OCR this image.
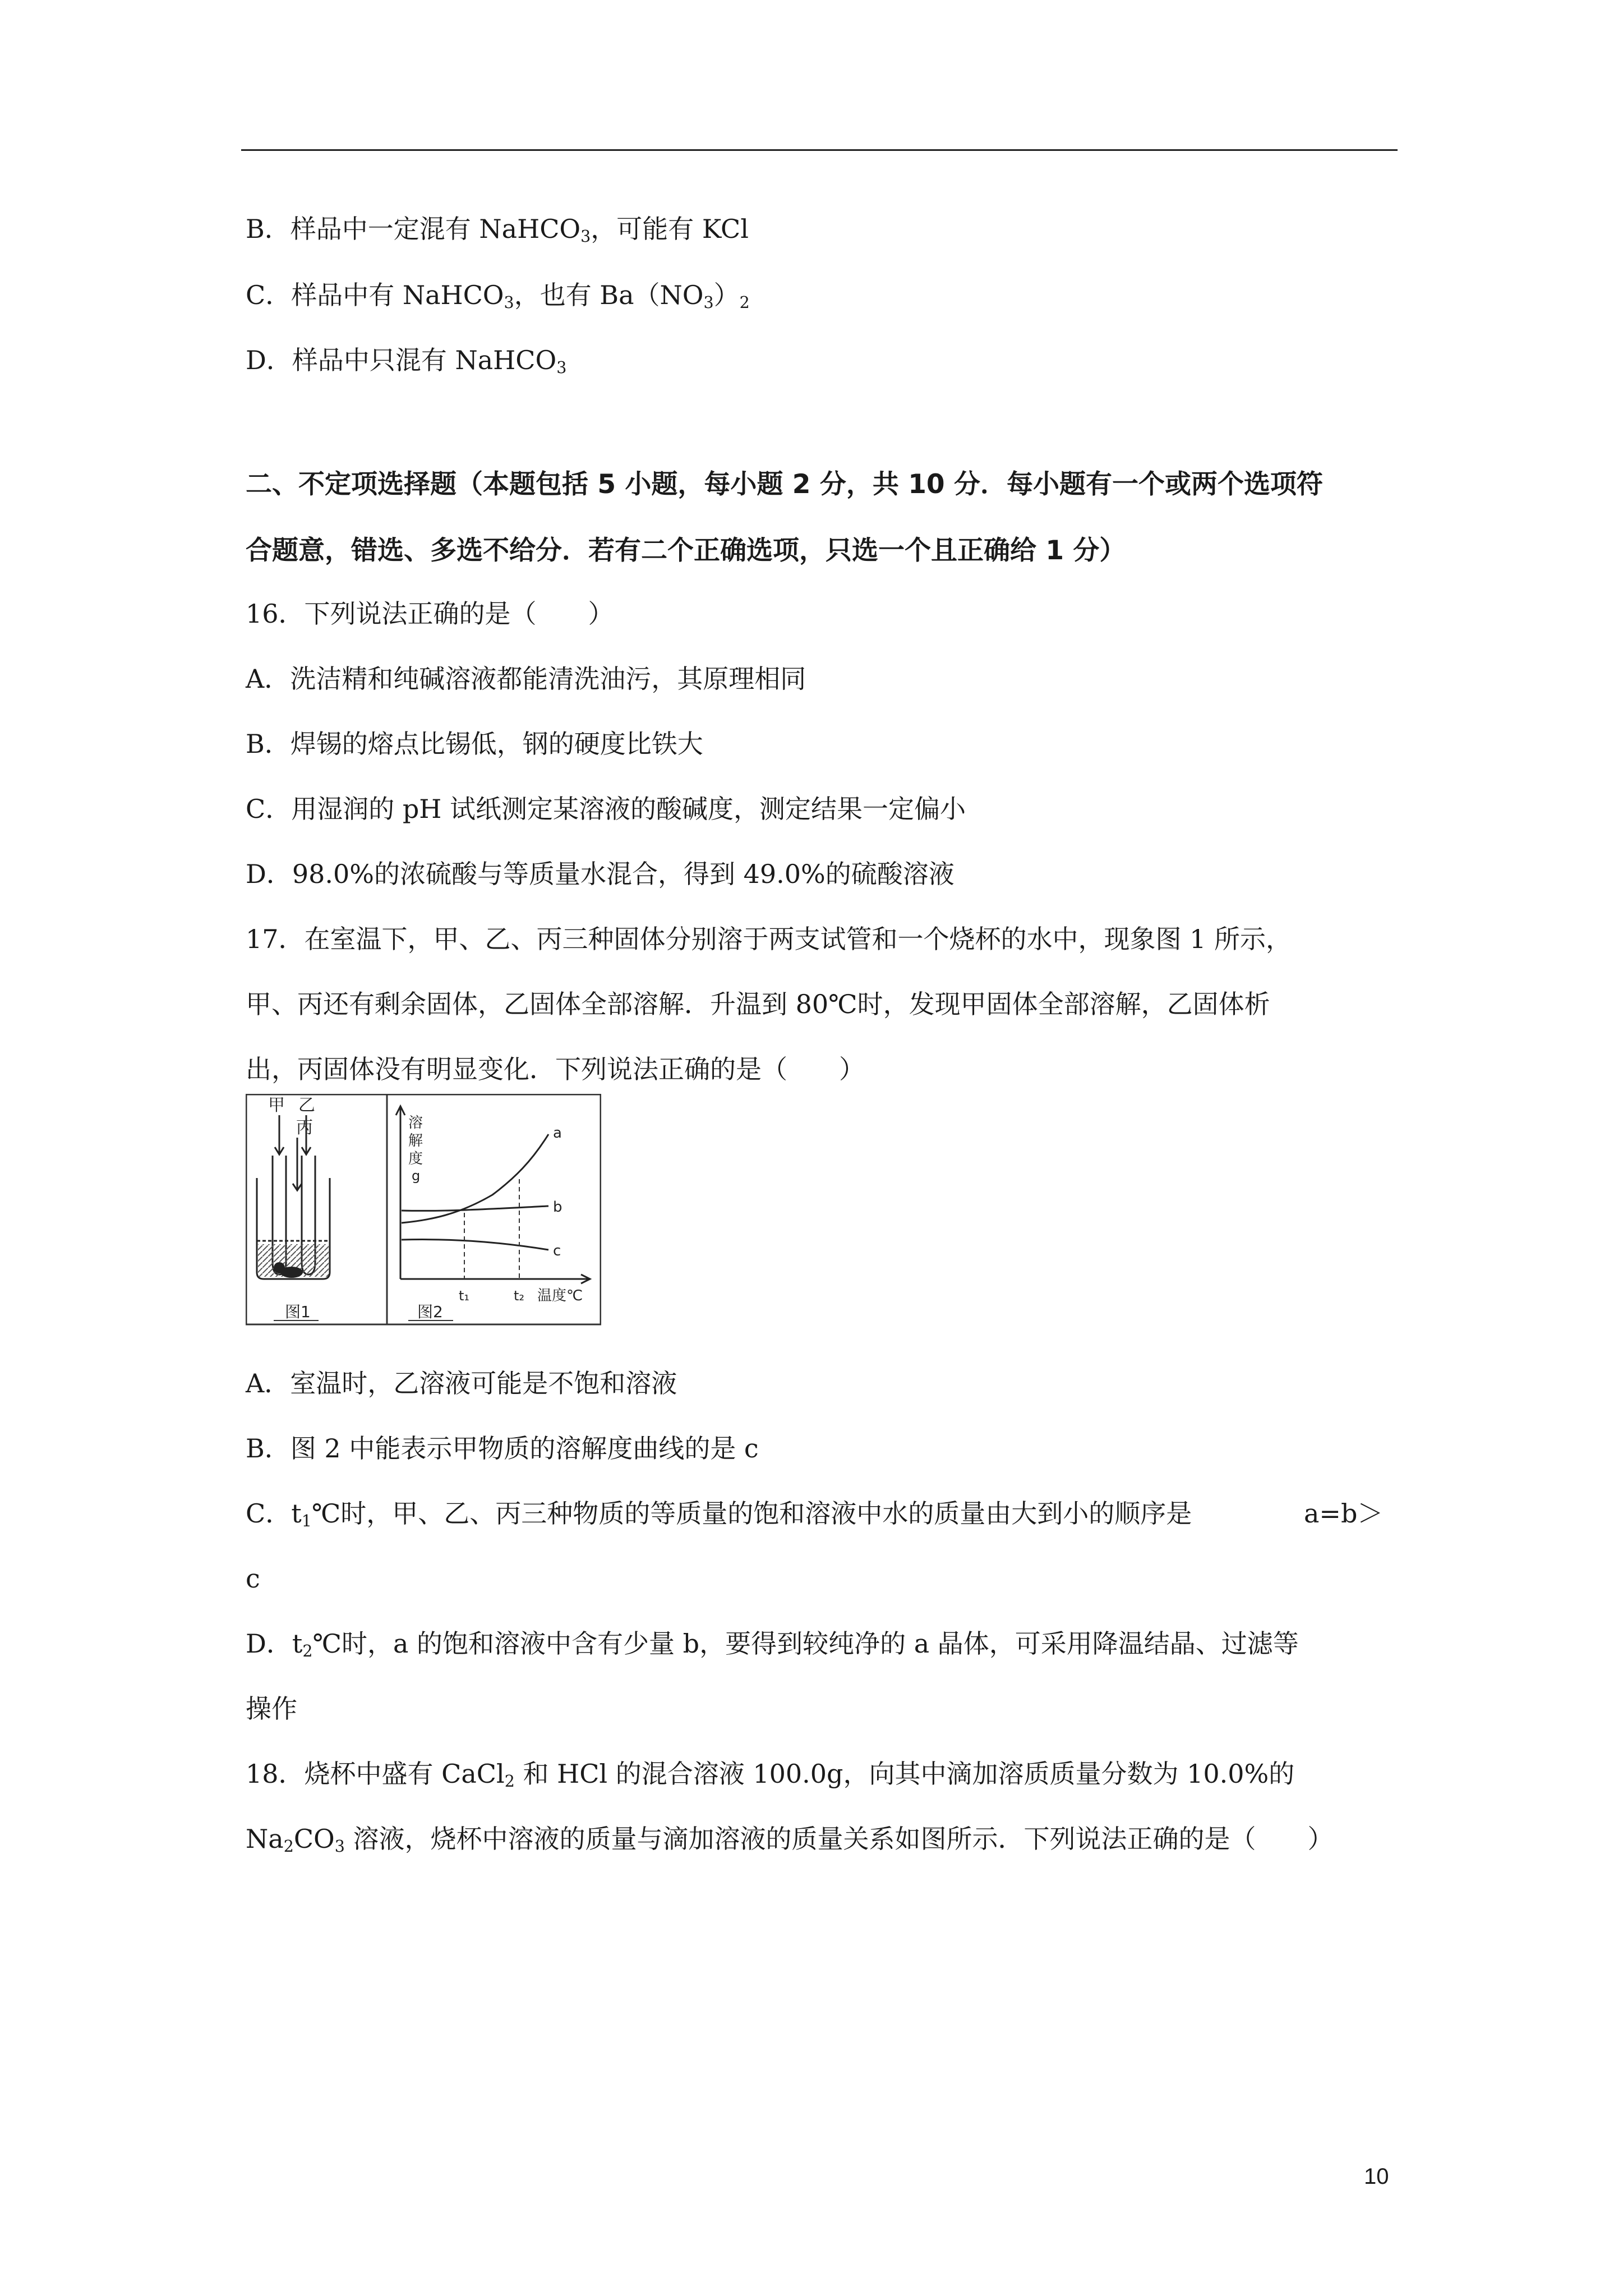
B．样品中一定混有 NaHCO$_3$，可能有 KCl
C．样品中有 NaHCO$_3$，也有 $Ba(NO_3)_2$
D．样品中只混有 NaHCO$_3$
二、不定项选择题（本题包括 5 小题，每小题 2 分，共 10 分．每小题有一个或两个选项符
合题意，错选、多选不给分．若有二个正确选项，只选一个且正确给 1 分）
16．下列说法正确的是（　　）
A．洗洁精和纯碱溶液都能清洗油污，其原理相同
B．焊锡的熔点比锡低，钢的硬度比铁大
C．用湿润的 pH 试纸测定某溶液的酸碱度，测定结果一定偏小
D．98.0%的浓硫酸与等质量水混合，得到 49.0%的硫酸溶液
17．在室温下，甲、乙、丙三种固体分别溶于两支试管和一个烧杯的水中，现象图 1 所示，
甲、丙还有剩余固体，乙固体全部溶解．升温到 80℃时，发现甲固体全部溶解，乙固体析
出，丙固体没有明显变化．下列说法正确的是（　　）
甲 乙
丙
图1
溶
解
度
g
a
b
c
t₁	t₂ 温度℃
图2
A．室温时，乙溶液可能是不饱和溶液
B．图 2 中能表示甲物质的溶解度曲线的是 c
C．$t_1℃$时，甲、乙、丙三种物质的等质量的饱和溶液中水的质量由大到小的顺序是	a=b＞
c
D．$t_2℃$时，a 的饱和溶液中含有少量 b，要得到较纯净的 a 晶体，可采用降温结晶、过滤等
操作
18．烧杯中盛有 CaCl$_2$ 和 HCl 的混合溶液 100.0g，向其中滴加溶质质量分数为 10.0%的
$Na_2CO_3$ 溶液，烧杯中溶液的质量与滴加溶液的质量关系如图所示．下列说法正确的是（　　）
10
